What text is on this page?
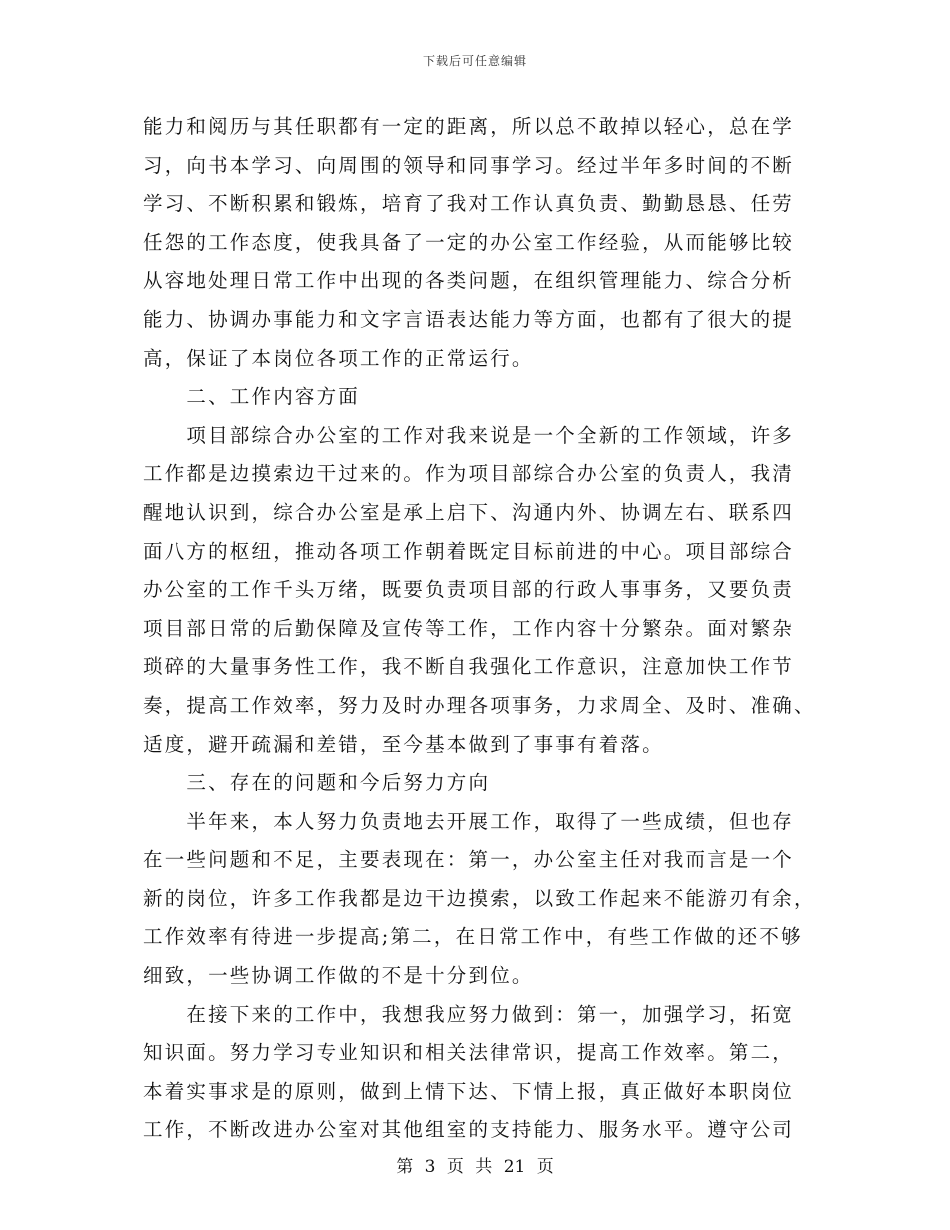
下载后可任意编辑
能力和阅历与其任职都有一定的距离，所以总不敢掉以轻心，总在学
习，向书本学习、向周围的领导和同事学习。经过半年多时间的不断
学习、不断积累和锻炼，培育了我对工作认真负责、勤勤恳恳、任劳
任怨的工作态度，使我具备了一定的办公室工作经验，从而能够比较
从容地处理日常工作中出现的各类问题，在组织管理能力、综合分析
能力、协调办事能力和文字言语表达能力等方面，也都有了很大的提
高，保证了本岗位各项工作的正常运行。
　　二、工作内容方面
　　项目部综合办公室的工作对我来说是一个全新的工作领域，许多
工作都是边摸索边干过来的。作为项目部综合办公室的负责人，我清
醒地认识到，综合办公室是承上启下、沟通内外、协调左右、联系四
面八方的枢纽，推动各项工作朝着既定目标前进的中心。项目部综合
办公室的工作千头万绪，既要负责项目部的行政人事事务，又要负责
项目部日常的后勤保障及宣传等工作，工作内容十分繁杂。面对繁杂
琐碎的大量事务性工作，我不断自我强化工作意识，注意加快工作节
奏，提高工作效率，努力及时办理各项事务，力求周全、及时、准确、
适度，避开疏漏和差错，至今基本做到了事事有着落。
　　三、存在的问题和今后努力方向
　　半年来，本人努力负责地去开展工作，取得了一些成绩，但也存
在一些问题和不足，主要表现在：第一，办公室主任对我而言是一个
新的岗位，许多工作我都是边干边摸索，以致工作起来不能游刃有余，
工作效率有待进一步提高;第二，在日常工作中，有些工作做的还不够
细致，一些协调工作做的不是十分到位。
　　在接下来的工作中，我想我应努力做到：第一，加强学习，拓宽
知识面。努力学习专业知识和相关法律常识，提高工作效率。第二，
本着实事求是的原则，做到上情下达、下情上报，真正做好本职岗位
工作，不断改进办公室对其他组室的支持能力、服务水平。遵守公司
第 3 页 共 21 页
